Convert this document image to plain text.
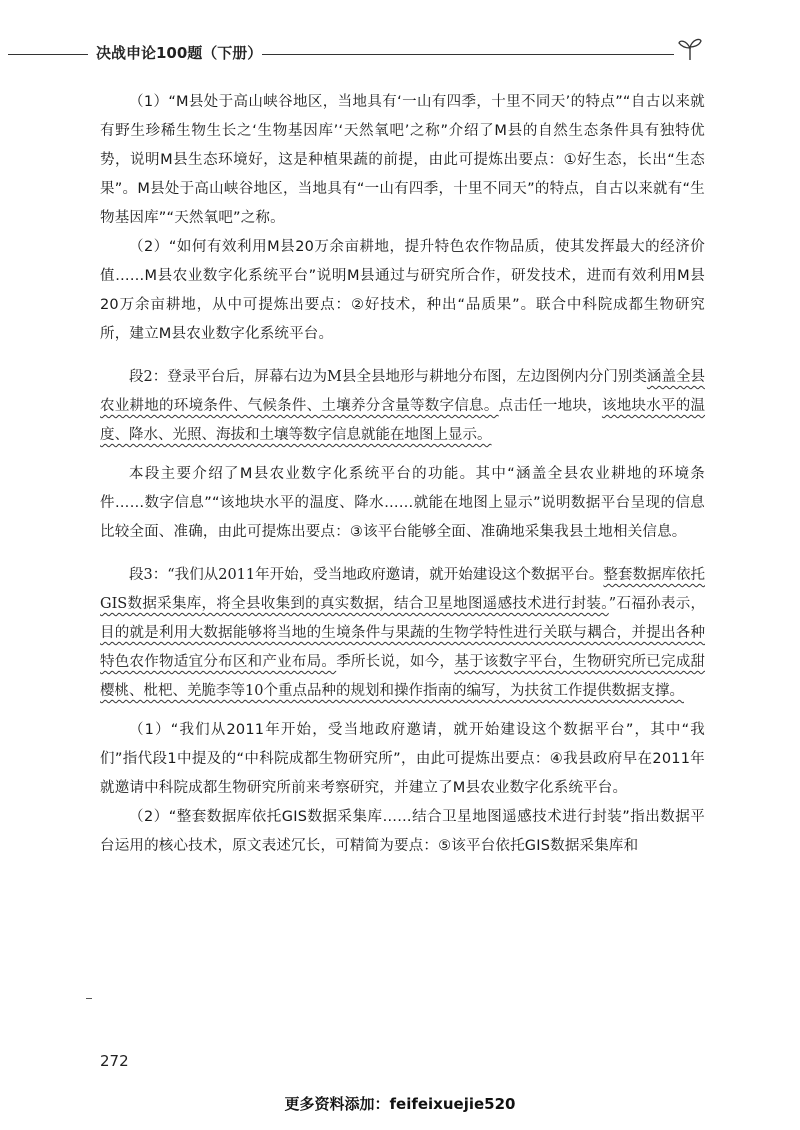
决战申论100题（下册）

（1）“M县处于高山峡谷地区，当地具有‘一山有四季，十里不同天’的特点”“自古以来就有野生珍稀生物生长之‘生物基因库’‘天然氧吧’之称”介绍了M县的自然生态条件具有独特优势，说明M县生态环境好，这是种植果蔬的前提，由此可提炼出要点：①好生态，长出“生态果”。M县处于高山峡谷地区，当地具有“一山有四季，十里不同天”的特点，自古以来就有“生物基因库”“天然氧吧”之称。

（2）“如何有效利用M县20万余亩耕地，提升特色农作物品质，使其发挥最大的经济价值……M县农业数字化系统平台”说明M县通过与研究所合作，研发技术，进而有效利用M县20万余亩耕地，从中可提炼出要点：②好技术，种出“品质果”。联合中科院成都生物研究所，建立M县农业数字化系统平台。

段2：登录平台后，屏幕右边为M县全县地形与耕地分布图，左边图例内分门别类涵盖全县农业耕地的环境条件、气候条件、土壤养分含量等数字信息。点击任一地块，该地块水平的温度、降水、光照、海拔和土壤等数字信息就能在地图上显示。

本段主要介绍了M县农业数字化系统平台的功能。其中“涵盖全县农业耕地的环境条件……数字信息”“该地块水平的温度、降水……就能在地图上显示”说明数据平台呈现的信息比较全面、准确，由此可提炼出要点：③该平台能够全面、准确地采集我县土地相关信息。

段3：“我们从2011年开始，受当地政府邀请，就开始建设这个数据平台。整套数据库依托GIS数据采集库，将全县收集到的真实数据，结合卫星地图遥感技术进行封装。”石福孙表示，目的就是利用大数据能够将当地的生境条件与果蔬的生物学特性进行关联与耦合，并提出各种特色农作物适宜分布区和产业布局。季所长说，如今，基于该数字平台，生物研究所已完成甜樱桃、枇杷、羌脆李等10个重点品种的规划和操作指南的编写，为扶贫工作提供数据支撑。

（1）“我们从2011年开始，受当地政府邀请，就开始建设这个数据平台”，其中“我们”指代段1中提及的“中科院成都生物研究所”，由此可提炼出要点：④我县政府早在2011年就邀请中科院成都生物研究所前来考察研究，并建立了M县农业数字化系统平台。

（2）“整套数据库依托GIS数据采集库……结合卫星地图遥感技术进行封装”指出数据平台运用的核心技术，原文表述冗长，可精简为要点：⑤该平台依托GIS数据采集库和

272
更多资料添加：feifeixuejie520
